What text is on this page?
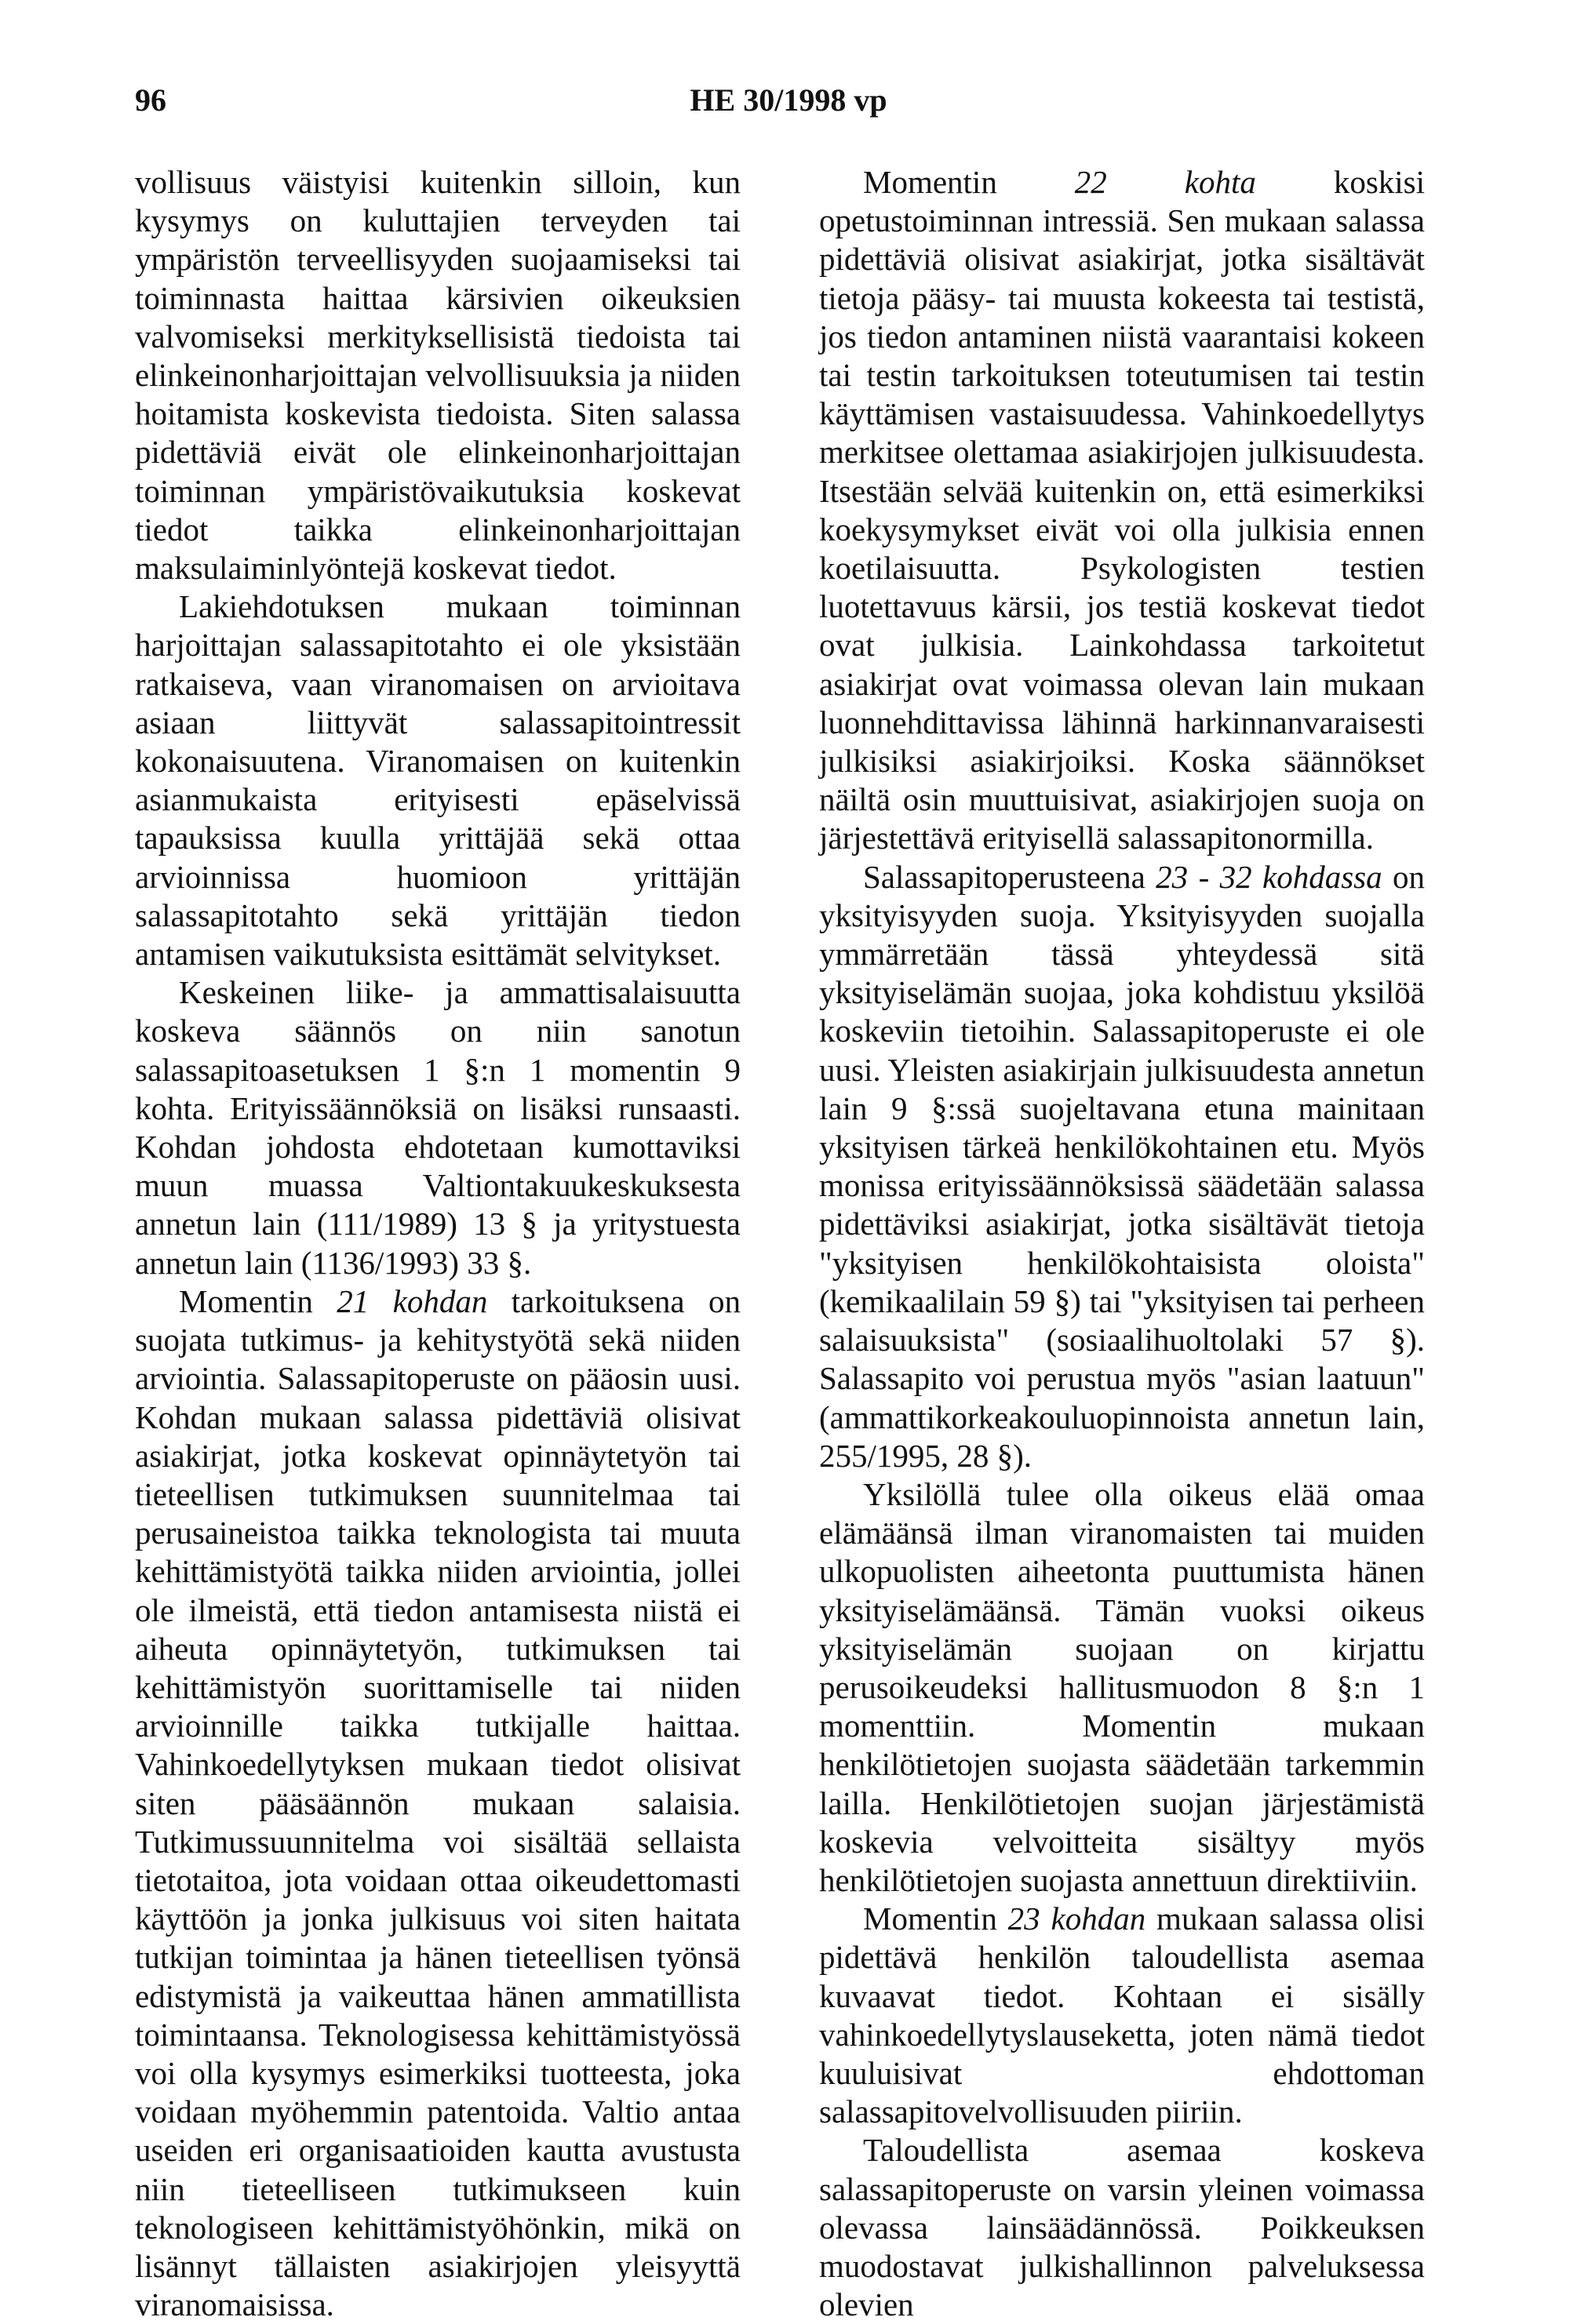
96	HE 30/1998 vp

vollisuus väistyisi kuitenkin silloin, kun kysymys on kuluttajien terveyden tai ympäristön terveellisyyden suojaamiseksi tai toiminnasta haittaa kärsivien oikeuksien valvomiseksi merkityksellisistä tiedoista tai elinkeinonharjoittajan velvollisuuksia ja niiden hoitamista koskevista tiedoista. Siten salassa pidettäviä eivät ole elinkeinonharjoittajan toiminnan ympäristövaikutuksia koskevat tiedot taikka elinkeinonharjoittajan maksulaiminlyöntejä koskevat tiedot.

Lakiehdotuksen mukaan toiminnan harjoittajan salassapitotahto ei ole yksistään ratkaiseva, vaan viranomaisen on arvioitava asiaan liittyvät salassapitointressit kokonaisuutena. Viranomaisen on kuitenkin asianmukaista erityisesti epäselvissä tapauksissa kuulla yrittäjää sekä ottaa arvioinnissa huomioon yrittäjän salassapitotahto sekä yrittäjän tiedon antamisen vaikutuksista esittämät selvitykset.

Keskeinen liike- ja ammattisalaisuutta koskeva säännös on niin sanotun salassapitoasetuksen 1 §:n 1 momentin 9 kohta. Erityissäännöksiä on lisäksi runsaasti. Kohdan johdosta ehdotetaan kumottaviksi muun muassa Valtiontakuukeskuksesta annetun lain (111/1989) 13 § ja yritystuesta annetun lain (1136/1993) 33 §.

Momentin 21 kohdan tarkoituksena on suojata tutkimus- ja kehitystyötä sekä niiden arviointia. Salassapitoperuste on pääosin uusi. Kohdan mukaan salassa pidettäviä olisivat asiakirjat, jotka koskevat opinnäytetyön tai tieteellisen tutkimuksen suunnitelmaa tai perusaineistoa taikka teknologista tai muuta kehittämistyötä taikka niiden arviointia, jollei ole ilmeistä, että tiedon antamisesta niistä ei aiheuta opinnäytetyön, tutkimuksen tai kehittämistyön suorittamiselle tai niiden arvioinnille taikka tutkijalle haittaa. Vahinkoedellytyksen mukaan tiedot olisivat siten pääsäännön mukaan salaisia. Tutkimussuunnitelma voi sisältää sellaista tietotaitoa, jota voidaan ottaa oikeudettomasti käyttöön ja jonka julkisuus voi siten haitata tutkijan toimintaa ja hänen tieteellisen työnsä edistymistä ja vaikeuttaa hänen ammatillista toimintaansa. Teknologisessa kehittämistyössä voi olla kysymys esimerkiksi tuotteesta, joka voidaan myöhemmin patentoida. Valtio antaa useiden eri organisaatioiden kautta avustusta niin tieteelliseen tutkimukseen kuin teknologiseen kehittämistyöhönkin, mikä on lisännyt tällaisten asiakirjojen yleisyyttä viranomaisissa.

Momentin 22 kohta koskisi opetustoiminnan intressiä. Sen mukaan salassa pidettäviä olisivat asiakirjat, jotka sisältävät tietoja pääsy- tai muusta kokeesta tai testistä, jos tiedon antaminen niistä vaarantaisi kokeen tai testin tarkoituksen toteutumisen tai testin käyttämisen vastaisuudessa. Vahinkoedellytys merkitsee olettamaa asiakirjojen julkisuudesta. Itsestään selvää kuitenkin on, että esimerkiksi koekysymykset eivät voi olla julkisia ennen koetilaisuutta. Psykologisten testien luotettavuus kärsii, jos testiä koskevat tiedot ovat julkisia. Lainkohdassa tarkoitetut asiakirjat ovat voimassa olevan lain mukaan luonnehdittavissa lähinnä harkinnanvaraisesti julkisiksi asiakirjoiksi. Koska säännökset näiltä osin muuttuisivat, asiakirjojen suoja on järjestettävä erityisellä salassapitonormilla.

Salassapitoperusteena 23 - 32 kohdassa on yksityisyyden suoja. Yksityisyyden suojalla ymmärretään tässä yhteydessä sitä yksityiselämän suojaa, joka kohdistuu yksilöä koskeviin tietoihin. Salassapitoperuste ei ole uusi. Yleisten asiakirjain julkisuudesta annetun lain 9 §:ssä suojeltavana etuna mainitaan yksityisen tärkeä henkilökohtainen etu. Myös monissa erityissäännöksissä säädetään salassa pidettäviksi asiakirjat, jotka sisältävät tietoja "yksityisen henkilökohtaisista oloista" (kemikaalilain 59 §) tai "yksityisen tai perheen salaisuuksista" (sosiaalihuoltolaki 57 §). Salassapito voi perustua myös "asian laatuun" (ammattikorkeakouluopinnoista annetun lain, 255/1995, 28 §).

Yksilöllä tulee olla oikeus elää omaa elämäänsä ilman viranomaisten tai muiden ulkopuolisten aiheetonta puuttumista hänen yksityiselämäänsä. Tämän vuoksi oikeus yksityiselämän suojaan on kirjattu perusoikeudeksi hallitusmuodon 8 §:n 1 momenttiin. Momentin mukaan henkilötietojen suojasta säädetään tarkemmin lailla. Henkilötietojen suojan järjestämistä koskevia velvoitteita sisältyy myös henkilötietojen suojasta annettuun direktiiviin.

Momentin 23 kohdan mukaan salassa olisi pidettävä henkilön taloudellista asemaa kuvaavat tiedot. Kohtaan ei sisälly vahinkoedellytyslauseketta, joten nämä tiedot kuuluisivat ehdottoman salassapitovelvollisuuden piiriin.

Taloudellista asemaa koskeva salassapitoperuste on varsin yleinen voimassa olevassa lainsäädännössä. Poikkeuksen muodostavat julkishallinnon palveluksessa olevien
